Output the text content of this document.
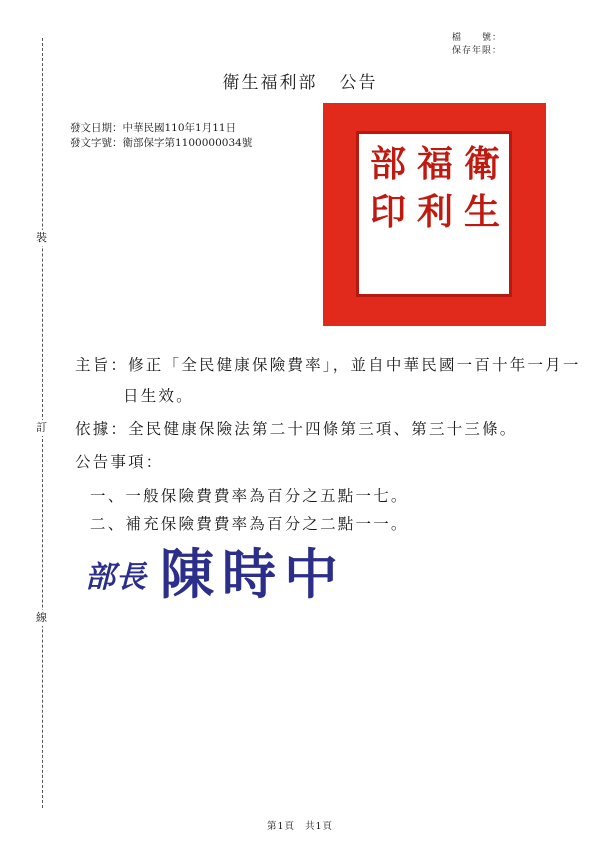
裝
訂
線
檔　　號：
保存年限：
衛生福利部 公告
發文日期：中華民國110年1月11日
發文字號：衛部保字第1100000034號	衛
生
福
利
部
印
主旨：修正「全民健康保險費率」，並自中華民國一百十年一月一
日生效。
依據：全民健康保險法第二十四條第三項、第三十三條。
公告事項：
一、一般保險費費率為百分之五點一七。
二、補充保險費費率為百分之二點一一。
部長 陳時中
第1頁 共1頁
